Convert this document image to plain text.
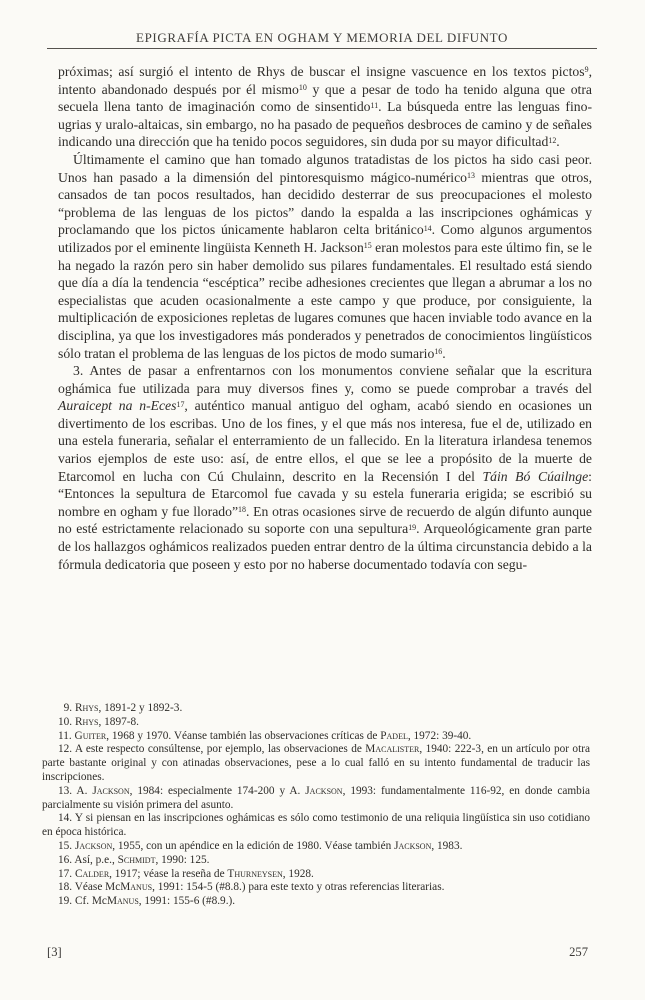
EPIGRAFÍA PICTA EN OGHAM Y MEMORIA DEL DIFUNTO

próximas; así surgió el intento de Rhys de buscar el insigne vascuence en los textos pictos$^9$, intento abandonado después por él mismo$^{10}$ y que a pesar de todo ha tenido alguna que otra secuela llena tanto de imaginación como de sinsentido$^{11}$. La búsqueda entre las lenguas fino-ugrias y uralo-altaicas, sin embargo, no ha pasado de pequeños desbroces de camino y de señales indicando una dirección que ha tenido pocos seguidores, sin duda por su mayor dificultad$^{12}$.

Últimamente el camino que han tomado algunos tratadistas de los pictos ha sido casi peor. Unos han pasado a la dimensión del pintoresquismo mágico-numérico$^{13}$ mientras que otros, cansados de tan pocos resultados, han decidido desterrar de sus preocupaciones el molesto “problema de las lenguas de los pictos” dando la espalda a las inscripciones oghámicas y proclamando que los pictos únicamente hablaron celta británico$^{14}$. Como algunos argumentos utilizados por el eminente lingüista Kenneth H. Jackson$^{15}$ eran molestos para este último fin, se le ha negado la razón pero sin haber demolido sus pilares fundamentales. El resultado está siendo que día a día la tendencia “escéptica” recibe adhesiones crecientes que llegan a abrumar a los no especialistas que acuden ocasionalmente a este campo y que produce, por consiguiente, la multiplicación de exposiciones repletas de lugares comunes que hacen inviable todo avance en la disciplina, ya que los investigadores más ponderados y penetrados de conocimientos lingüísticos sólo tratan el problema de las lenguas de los pictos de modo sumario$^{16}$.

3. Antes de pasar a enfrentarnos con los monumentos conviene señalar que la escritura oghámica fue utilizada para muy diversos fines y, como se puede comprobar a través del Auraicept na n-Eces$^{17}$, auténtico manual antiguo del ogham, acabó siendo en ocasiones un divertimento de los escribas. Uno de los fines, y el que más nos interesa, fue el de, utilizado en una estela funeraria, señalar el enterramiento de un fallecido. En la literatura irlandesa tenemos varios ejemplos de este uso: así, de entre ellos, el que se lee a propósito de la muerte de Etarcomol en lucha con Cú Chulainn, descrito en la Recensión I del Táin Bó Cúailnge: “Entonces la sepultura de Etarcomol fue cavada y su estela funeraria erigida; se escribió su nombre en ogham y fue llorado”$^{18}$. En otras ocasiones sirve de recuerdo de algún difunto aunque no esté estrictamente relacionado su soporte con una sepultura$^{19}$. Arqueológicamente gran parte de los hallazgos oghámicos realizados pueden entrar dentro de la última circunstancia debido a la fórmula dedicatoria que poseen y esto por no haberse documentado todavía con segu-

 9. Rhys, 1891-2 y 1892-3.

10. Rhys, 1897-8.

11. Guiter, 1968 y 1970. Véanse también las observaciones críticas de Padel, 1972: 39-40.

12. A este respecto consúltense, por ejemplo, las observaciones de Macalister, 1940: 222-3, en un artículo por otra parte bastante original y con atinadas observaciones, pese a lo cual falló en su intento fundamental de traducir las inscripciones.

13. A. Jackson, 1984: especialmente 174-200 y A. Jackson, 1993: fundamentalmente 116-92, en donde cambia parcialmente su visión primera del asunto.

14. Y si piensan en las inscripciones oghámicas es sólo como testimonio de una reliquia lingüística sin uso cotidiano en época histórica.

15. Jackson, 1955, con un apéndice en la edición de 1980. Véase también Jackson, 1983.

16. Así, p.e., Schmidt, 1990: 125.

17. Calder, 1917; véase la reseña de Thurneysen, 1928.

18. Véase McManus, 1991: 154-5 (#8.8.) para este texto y otras referencias literarias.

19. Cf. McManus, 1991: 155-6 (#8.9.).

[3]	257
